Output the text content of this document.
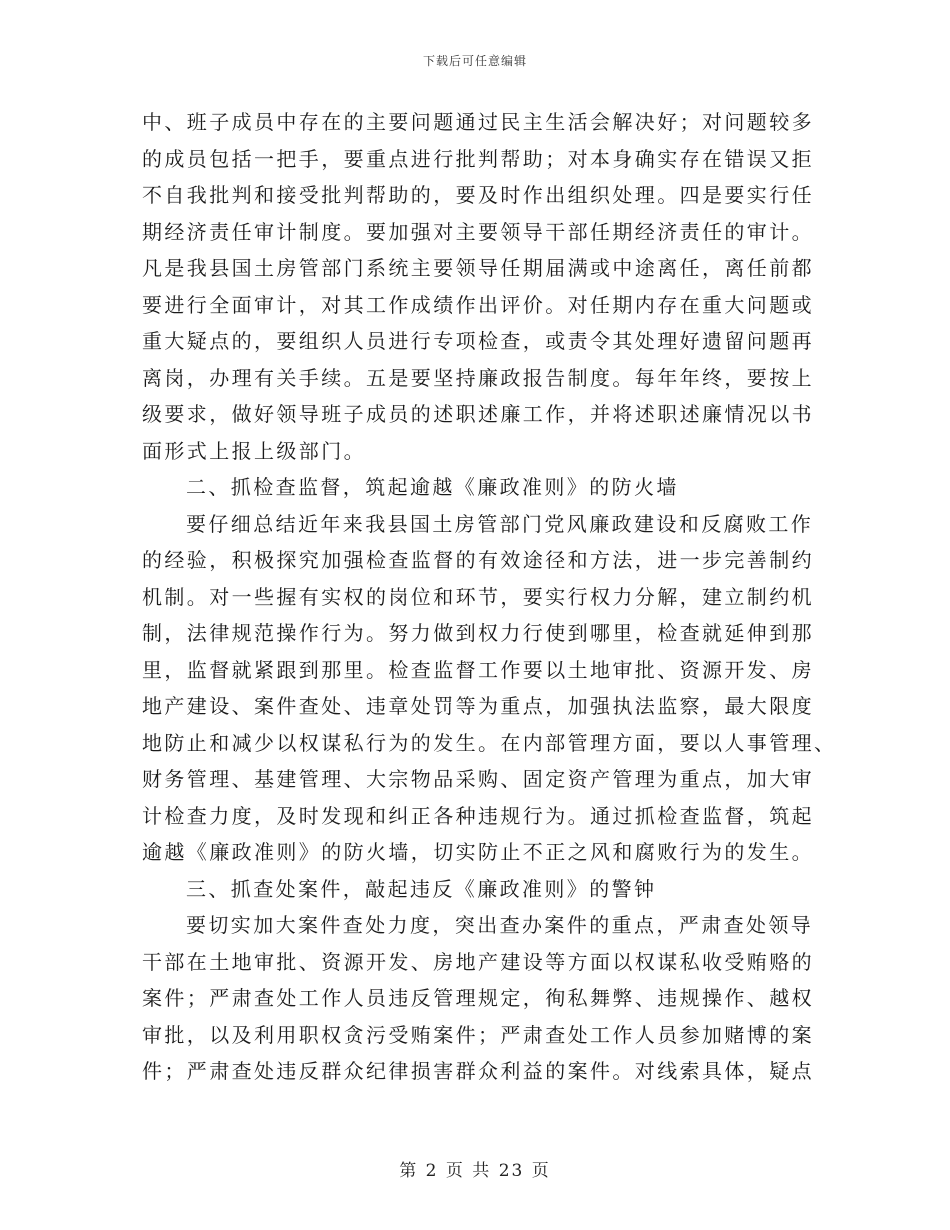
下载后可任意编辑
中、班子成员中存在的主要问题通过民主生活会解决好；对问题较多
的成员包括一把手，要重点进行批判帮助；对本身确实存在错误又拒
不自我批判和接受批判帮助的，要及时作出组织处理。四是要实行任
期经济责任审计制度。要加强对主要领导干部任期经济责任的审计。
凡是我县国土房管部门系统主要领导任期届满或中途离任，离任前都
要进行全面审计，对其工作成绩作出评价。对任期内存在重大问题或
重大疑点的，要组织人员进行专项检查，或责令其处理好遗留问题再
离岗，办理有关手续。五是要坚持廉政报告制度。每年年终，要按上
级要求，做好领导班子成员的述职述廉工作，并将述职述廉情况以书
面形式上报上级部门。
二、抓检查监督，筑起逾越《廉政准则》的防火墙
要仔细总结近年来我县国土房管部门党风廉政建设和反腐败工作
的经验，积极探究加强检查监督的有效途径和方法，进一步完善制约
机制。对一些握有实权的岗位和环节，要实行权力分解，建立制约机
制，法律规范操作行为。努力做到权力行使到哪里，检查就延伸到那
里，监督就紧跟到那里。检查监督工作要以土地审批、资源开发、房
地产建设、案件查处、违章处罚等为重点，加强执法监察，最大限度
地防止和减少以权谋私行为的发生。在内部管理方面，要以人事管理、
财务管理、基建管理、大宗物品采购、固定资产管理为重点，加大审
计检查力度，及时发现和纠正各种违规行为。通过抓检查监督，筑起
逾越《廉政准则》的防火墙，切实防止不正之风和腐败行为的发生。
三、抓查处案件，敲起违反《廉政准则》的警钟
要切实加大案件查处力度，突出查办案件的重点，严肃查处领导
干部在土地审批、资源开发、房地产建设等方面以权谋私收受贿赂的
案件；严肃查处工作人员违反管理规定，徇私舞弊、违规操作、越权
审批，以及利用职权贪污受贿案件；严肃查处工作人员参加赌博的案
件；严肃查处违反群众纪律损害群众利益的案件。对线索具体，疑点
第 2 页 共 23 页
